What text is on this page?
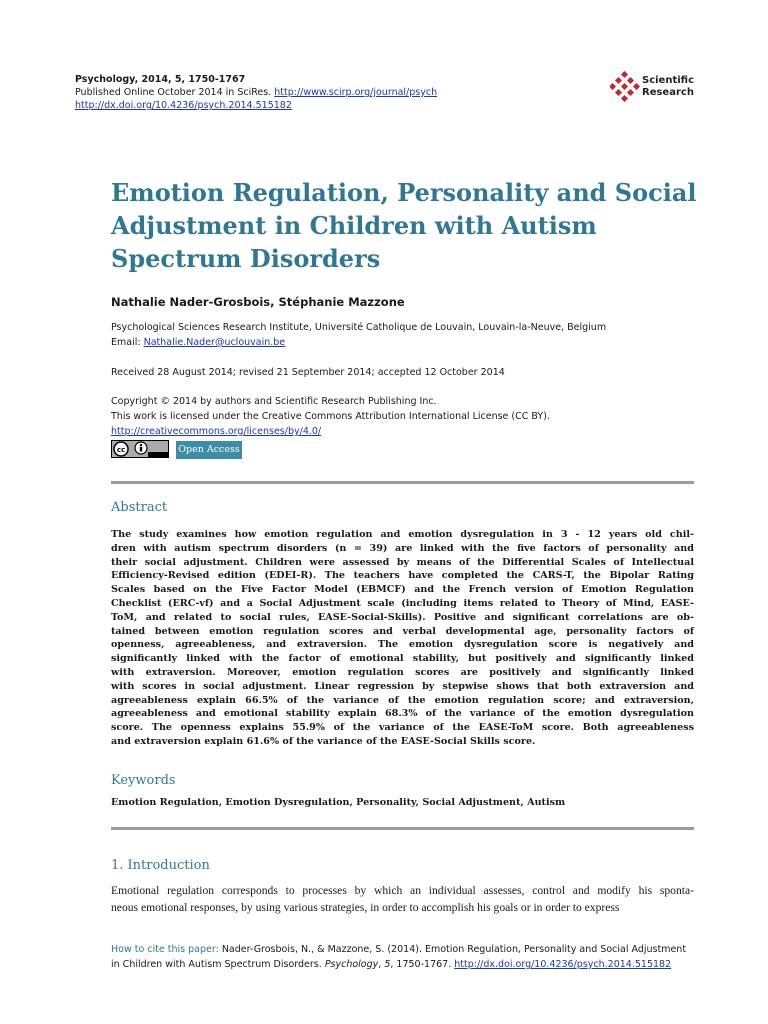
Psychology, 2014, 5, 1750-1767
Published Online October 2014 in SciRes. http://www.scirp.org/journal/psych
http://dx.doi.org/10.4236/psych.2014.515182
Scientific
Research
Emotion Regulation, Personality and Social Adjustment in Children with Autism Spectrum Disorders
Nathalie Nader-Grosbois, Stéphanie Mazzone
Psychological Sciences Research Institute, Université Catholique de Louvain, Louvain-la-Neuve, Belgium
Email: Nathalie.Nader@uclouvain.be
Received 28 August 2014; revised 21 September 2014; accepted 12 October 2014
Copyright © 2014 by authors and Scientific Research Publishing Inc.
This work is licensed under the Creative Commons Attribution International License (CC BY).
http://creativecommons.org/licenses/by/4.0/
cc	Open Access
Abstract
The study examines how emotion regulation and emotion dysregulation in 3 - 12 years old chil-
dren with autism spectrum disorders (n = 39) are linked with the five factors of personality and
their social adjustment. Children were assessed by means of the Differential Scales of Intellectual
Efficiency-Revised edition (EDEI-R). The teachers have completed the CARS-T, the Bipolar Rating
Scales based on the Five Factor Model (EBMCF) and the French version of Emotion Regulation
Checklist (ERC-vf) and a Social Adjustment scale (including items related to Theory of Mind, EASE-
ToM, and related to social rules, EASE-Social-Skills). Positive and significant correlations are ob-
tained between emotion regulation scores and verbal developmental age, personality factors of
openness, agreeableness, and extraversion. The emotion dysregulation score is negatively and
significantly linked with the factor of emotional stability, but positively and significantly linked
with extraversion. Moreover, emotion regulation scores are positively and significantly linked
with scores in social adjustment. Linear regression by stepwise shows that both extraversion and
agreeableness explain 66.5% of the variance of the emotion regulation score; and extraversion,
agreeableness and emotional stability explain 68.3% of the variance of the emotion dysregulation
score. The openness explains 55.9% of the variance of the EASE-ToM score. Both agreeableness
and extraversion explain 61.6% of the variance of the EASE-Social Skills score.
Keywords
Emotion Regulation, Emotion Dysregulation, Personality, Social Adjustment, Autism
1. Introduction
Emotional regulation corresponds to processes by which an individual assesses, control and modify his sponta-
neous emotional responses, by using various strategies, in order to accomplish his goals or in order to express
How to cite this paper: Nader-Grosbois, N., & Mazzone, S. (2014). Emotion Regulation, Personality and Social Adjustment
in Children with Autism Spectrum Disorders. Psychology, 5, 1750-1767. http://dx.doi.org/10.4236/psych.2014.515182
